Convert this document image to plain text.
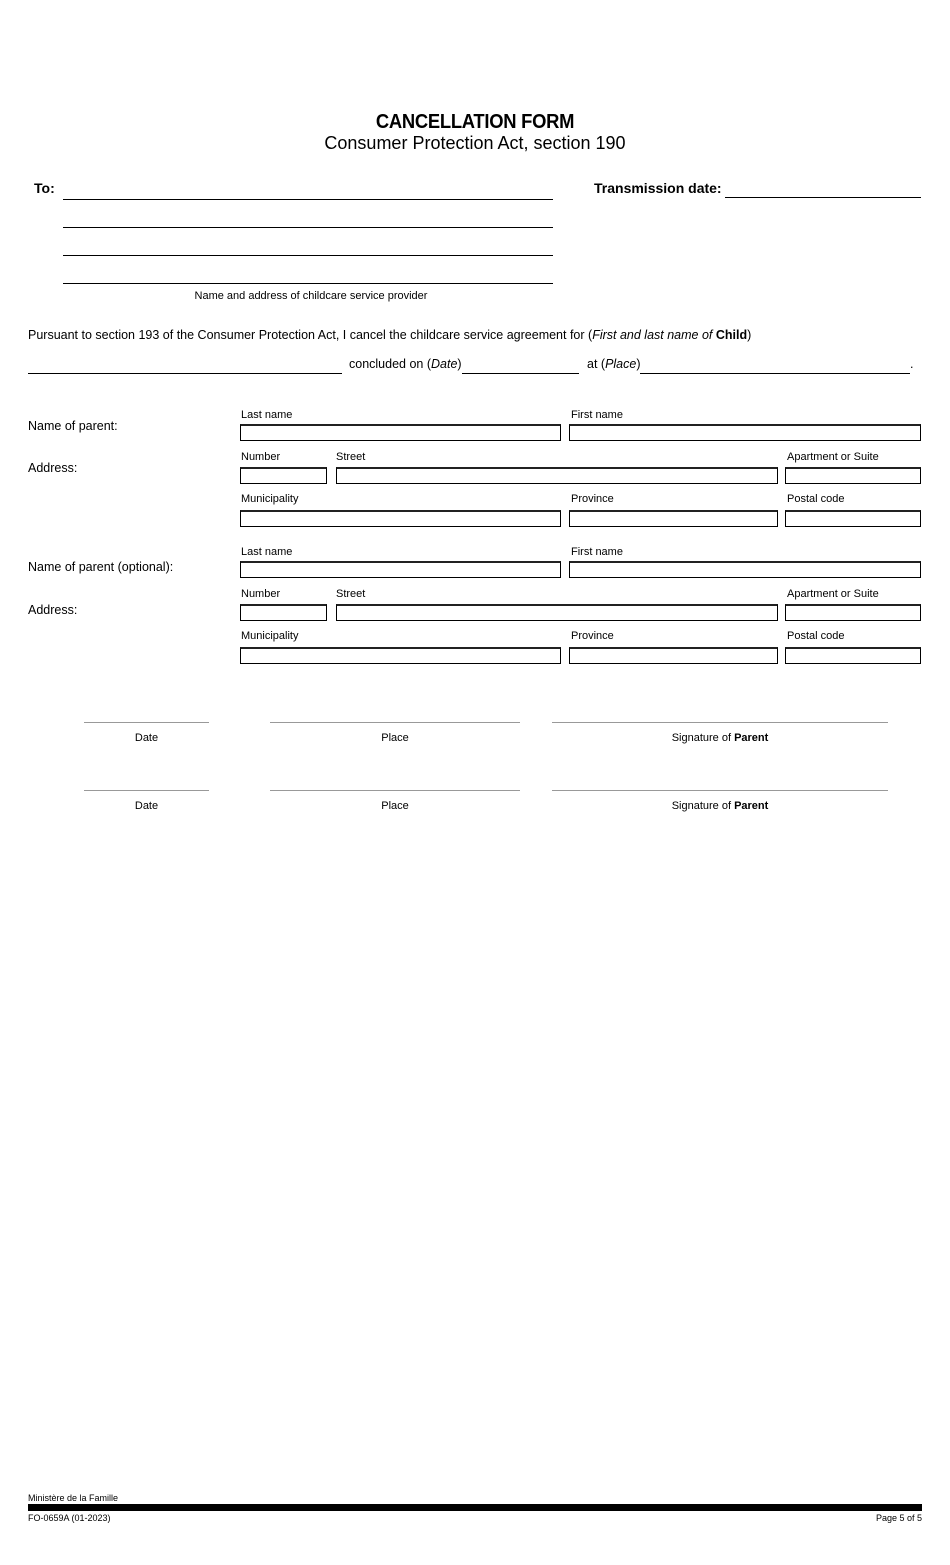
CANCELLATION FORM
Consumer Protection Act, section 190
To:
Name and address of childcare service provider
Transmission date:
Pursuant to section 193 of the Consumer Protection Act, I cancel the childcare service agreement for (First and last name of Child)
concluded on (Date)	at (Place)	.
Name of parent:
Last name	First name
Address:
Number	Street	Apartment or Suite
Municipality	Province	Postal code
Name of parent (optional):
Last name	First name
Address:
Number	Street	Apartment or Suite
Municipality	Province	Postal code
Date	Place	Signature of Parent
Date	Place	Signature of Parent
Ministère de la Famille
FO-0659A (01-2023)	Page 5 of 5
